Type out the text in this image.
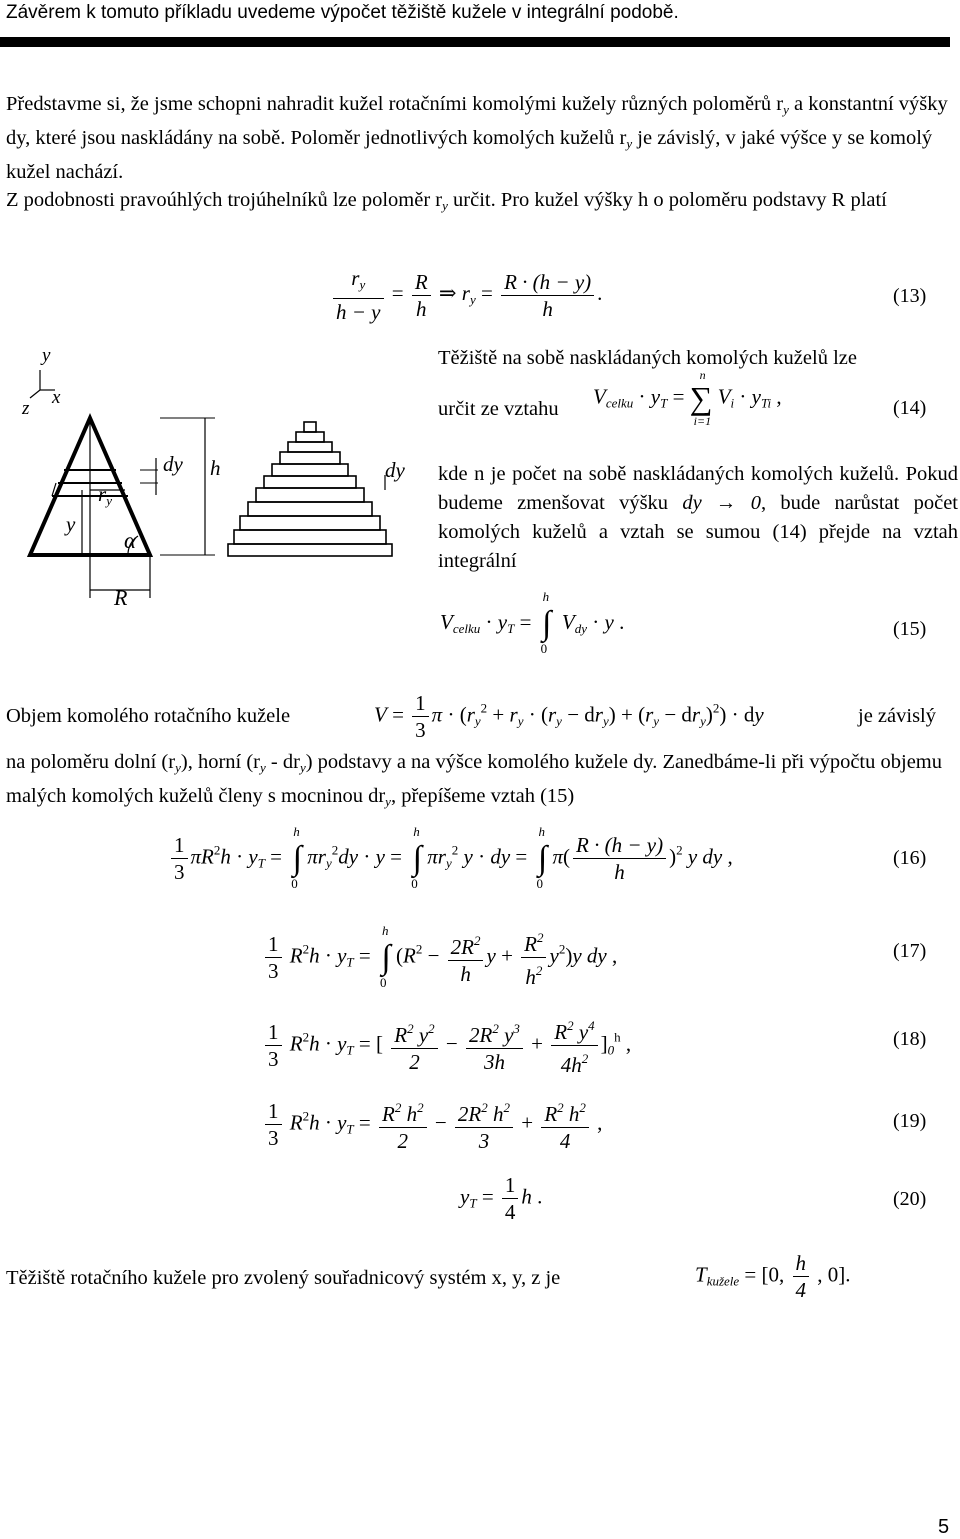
Závěrem k tomuto příkladu uvedeme výpočet těžiště kužele v integrální podobě.
Představme si, že jsme schopni nahradit kužel rotačními komolými kužely různých poloměrů $r_y$ a konstantní výšky dy, které jsou naskládány na sobě. Poloměr jednotlivých komolých kuželů $r_y$ je závislý, v jaké výšce y se komolý kužel nachází.
Z podobnosti pravoúhlých trojúhelníků lze poloměr $r_y$ určit. Pro kužel výšky h o poloměru podstavy R platí
$\frac{r_y}{h - y} = \frac{R}{h}$ ⇒ $r_y = \frac{R \cdot (h - y)}{h}$ .	(13)
y
x
z
y
dy
$r_y$
α
R
h	dy
Těžiště na sobě naskládaných komolých kuželů lze
určit ze vztahu
$V_{celku} \cdot y_T$ = ∑
n
i=1
$V_i \cdot y_{Ti}$ ,	(14)
kde n je počet na sobě naskládaných komolých kuželů. Pokud budeme zmenšovat výšku dy → 0, bude narůstat počet komolých kuželů a vztah se sumou (14) přejde na vztah integrální
$V_{celku} \cdot y_T$ = ∫
h
0
$V_{dy} \cdot y$ .	(15)
Objem komolého rotačního kužele	$V = \frac{1}{3}$ $\pi \cdot (r_y^2 + r_y \cdot (r_y - dr_y) + (r_y - dr_y)^2)$ · dy	je závislý
na poloměru dolní $(r_y)$, horní $(r_y - dr_y)$ podstavy a na výšce komolého kužele dy. Zanedbáme-li při výpočtu objemu malých komolých kuželů členy s mocninou $dr_y$, přepíšeme vztah (15)
$\frac{1}{3} \pi R^2h \cdot y_T$ = ∫
h
0
$\pi r_y^2dy \cdot y$ = ∫
h
0
$\pi r_y^2$ y · dy = ∫
h
0
$\pi( \frac{R \cdot (h - y)}{h} )^2$ y dy ,	(16)
$\frac{1}{3} R^2h \cdot y_T$ = ∫
h
0
($R^2 - \frac{2R^2}{h}$ $y + \frac{R^2}{h^2} y^2)y$ dy ,	(17)
$\frac{1}{3} R^2h \cdot y_T$ = [ $\frac{R^2 y^2}{2} - \frac{2R^2 y^3}{3h} + \frac{R^2 y^4}{4h^2} ]_0^h$ ,	(18)
$\frac{1}{3} R^2h \cdot y_T = \frac{R^2 h^2}{2} - \frac{2R^2 h^2}{3} + \frac{R^2 h^2}{4}$ ,	(19)
$y_T = \frac{1}{4}$ h .	(20)
Těžiště rotačního kužele pro zvolený souřadnicový systém x, y, z je	$T_{kužele} = [0$, $\frac{h}{4}$ , 0].
5
